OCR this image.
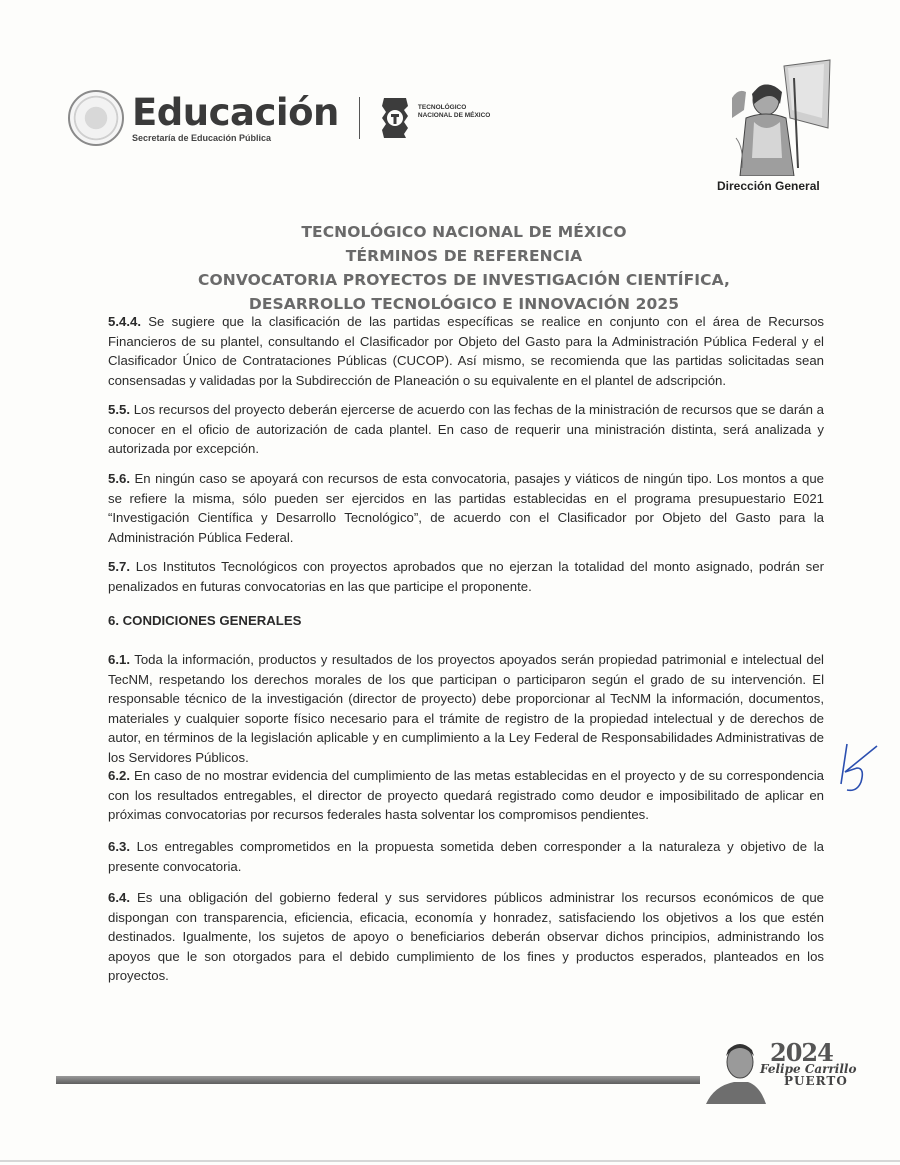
Educación
Secretaría de Educación Pública
TECNOLÓGICO
NACIONAL DE MÉXICO
Dirección General
TECNOLÓGICO NACIONAL DE MÉXICO
TÉRMINOS DE REFERENCIA
CONVOCATORIA PROYECTOS DE INVESTIGACIÓN CIENTÍFICA,
DESARROLLO TECNOLÓGICO E INNOVACIÓN 2025
5.4.4. Se sugiere que la clasificación de las partidas específicas se realice en conjunto con el área de Recursos Financieros de su plantel, consultando el Clasificador por Objeto del Gasto para la Administración Pública Federal y el Clasificador Único de Contrataciones Públicas (CUCOP). Así mismo, se recomienda que las partidas solicitadas sean consensadas y validadas por la Subdirección de Planeación o su equivalente en el plantel de adscripción.
5.5. Los recursos del proyecto deberán ejercerse de acuerdo con las fechas de la ministración de recursos que se darán a conocer en el oficio de autorización de cada plantel. En caso de requerir una ministración distinta, será analizada y autorizada por excepción.
5.6. En ningún caso se apoyará con recursos de esta convocatoria, pasajes y viáticos de ningún tipo. Los montos a que se refiere la misma, sólo pueden ser ejercidos en las partidas establecidas en el programa presupuestario E021 “Investigación Científica y Desarrollo Tecnológico”, de acuerdo con el Clasificador por Objeto del Gasto para la Administración Pública Federal.
5.7. Los Institutos Tecnológicos con proyectos aprobados que no ejerzan la totalidad del monto asignado, podrán ser penalizados en futuras convocatorias en las que participe el proponente.
6. CONDICIONES GENERALES
6.1. Toda la información, productos y resultados de los proyectos apoyados serán propiedad patrimonial e intelectual del TecNM, respetando los derechos morales de los que participan o participaron según el grado de su intervención. El responsable técnico de la investigación (director de proyecto) debe proporcionar al TecNM la información, documentos, materiales y cualquier soporte físico necesario para el trámite de registro de la propiedad intelectual y de derechos de autor, en términos de la legislación aplicable y en cumplimiento a la Ley Federal de Responsabilidades Administrativas de los Servidores Públicos.
6.2. En caso de no mostrar evidencia del cumplimiento de las metas establecidas en el proyecto y de su correspondencia con los resultados entregables, el director de proyecto quedará registrado como deudor e imposibilitado de aplicar en próximas convocatorias por recursos federales hasta solventar los compromisos pendientes.
6.3. Los entregables comprometidos en la propuesta sometida deben corresponder a la naturaleza y objetivo de la presente convocatoria.
6.4. Es una obligación del gobierno federal y sus servidores públicos administrar los recursos económicos de que dispongan con transparencia, eficiencia, eficacia, economía y honradez, satisfaciendo los objetivos a los que estén destinados. Igualmente, los sujetos de apoyo o beneficiarios deberán observar dichos principios, administrando los apoyos que le son otorgados para el debido cumplimiento de los fines y productos esperados, planteados en los proyectos.
2024
Felipe Carrillo
PUERTO
